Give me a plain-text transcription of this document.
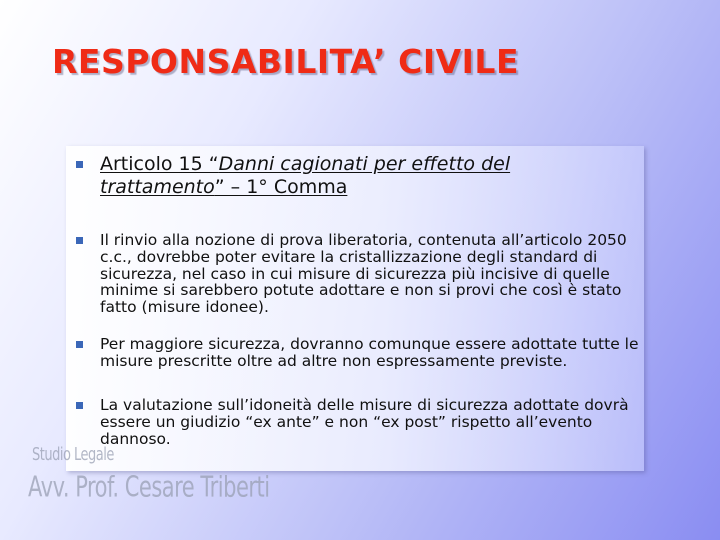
RESPONSABILITA’ CIVILE
Articolo 15 “Danni cagionati per effetto del trattamento” – 1° Comma
Il rinvio alla nozione di prova liberatoria, contenuta all’articolo 2050 c.c., dovrebbe poter evitare la cristallizzazione degli standard di sicurezza, nel caso in cui misure di sicurezza più incisive di quelle minime si sarebbero potute adottare e non si provi che così è stato fatto (misure idonee).
Per maggiore sicurezza, dovranno comunque essere adottate tutte le misure prescritte oltre ad altre non espressamente previste.
La valutazione sull’idoneità delle misure di sicurezza adottate dovrà essere un giudizio “ex ante” e non “ex post” rispetto all’evento dannoso.
Studio Legale
Avv. Prof. Cesare Triberti
